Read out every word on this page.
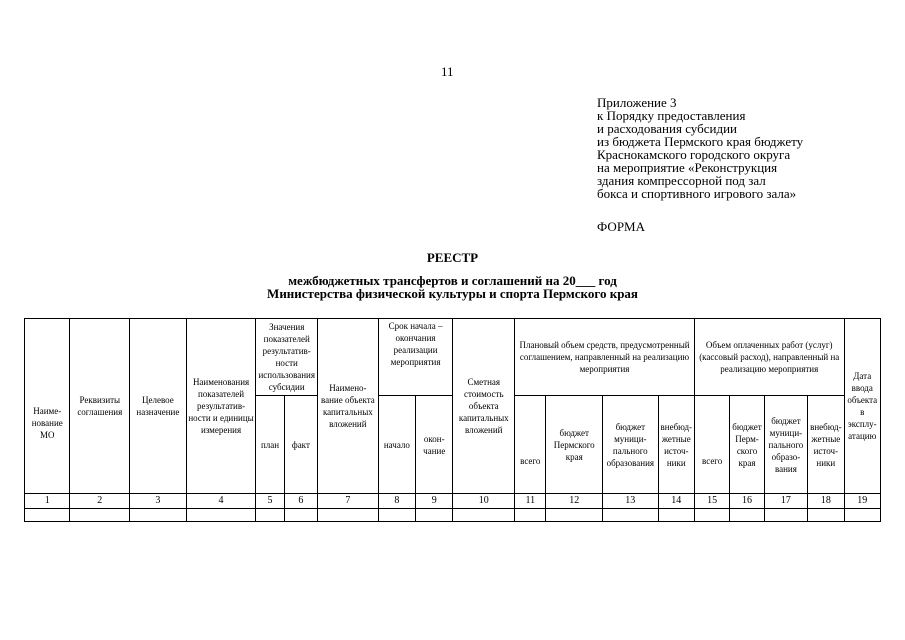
11
Приложение 3
к Порядку предоставления
и расходования субсидии
из бюджета Пермского края бюджету
Краснокамского городского округа
на мероприятие «Реконструкция
здания компрессорной под зал
бокса и спортивного игрового зала»
ФОРМА
РЕЕСТР
межбюджетных трансфертов и соглашений на 20___ год
Министерства физической культуры и спорта Пермского края
Наиме-нование МО	Реквизиты соглашения	Целевое назначение	Наименования показателей результатив-ности и единицы измерения	Значения показателей результатив-ности использования субсидии		Наимено-вание объекта капитальных вложений	Срок начала – окончания реализации мероприятия		Сметная стоимость объекта капитальных вложений	Плановый объем средств, предусмотренный соглашением, направленный на реализацию мероприятия				Объем оплаченных работ (услуг) (кассовый расход), направленный на реализацию мероприятия				Дата ввода объекта в эксплу-атацию
				план	факт		начало	окон-чание		всего	бюджет Пермского края	бюджет муници-пального образования	внебюд-жетные источ-ники	всего	бюджет Перм-ского края	бюджет муници-пального образо-вания	внебюд-жетные источ-ники	
1	2	3	4	5	6	7	8	9	10	11	12	13	14	15	16	17	18	19
